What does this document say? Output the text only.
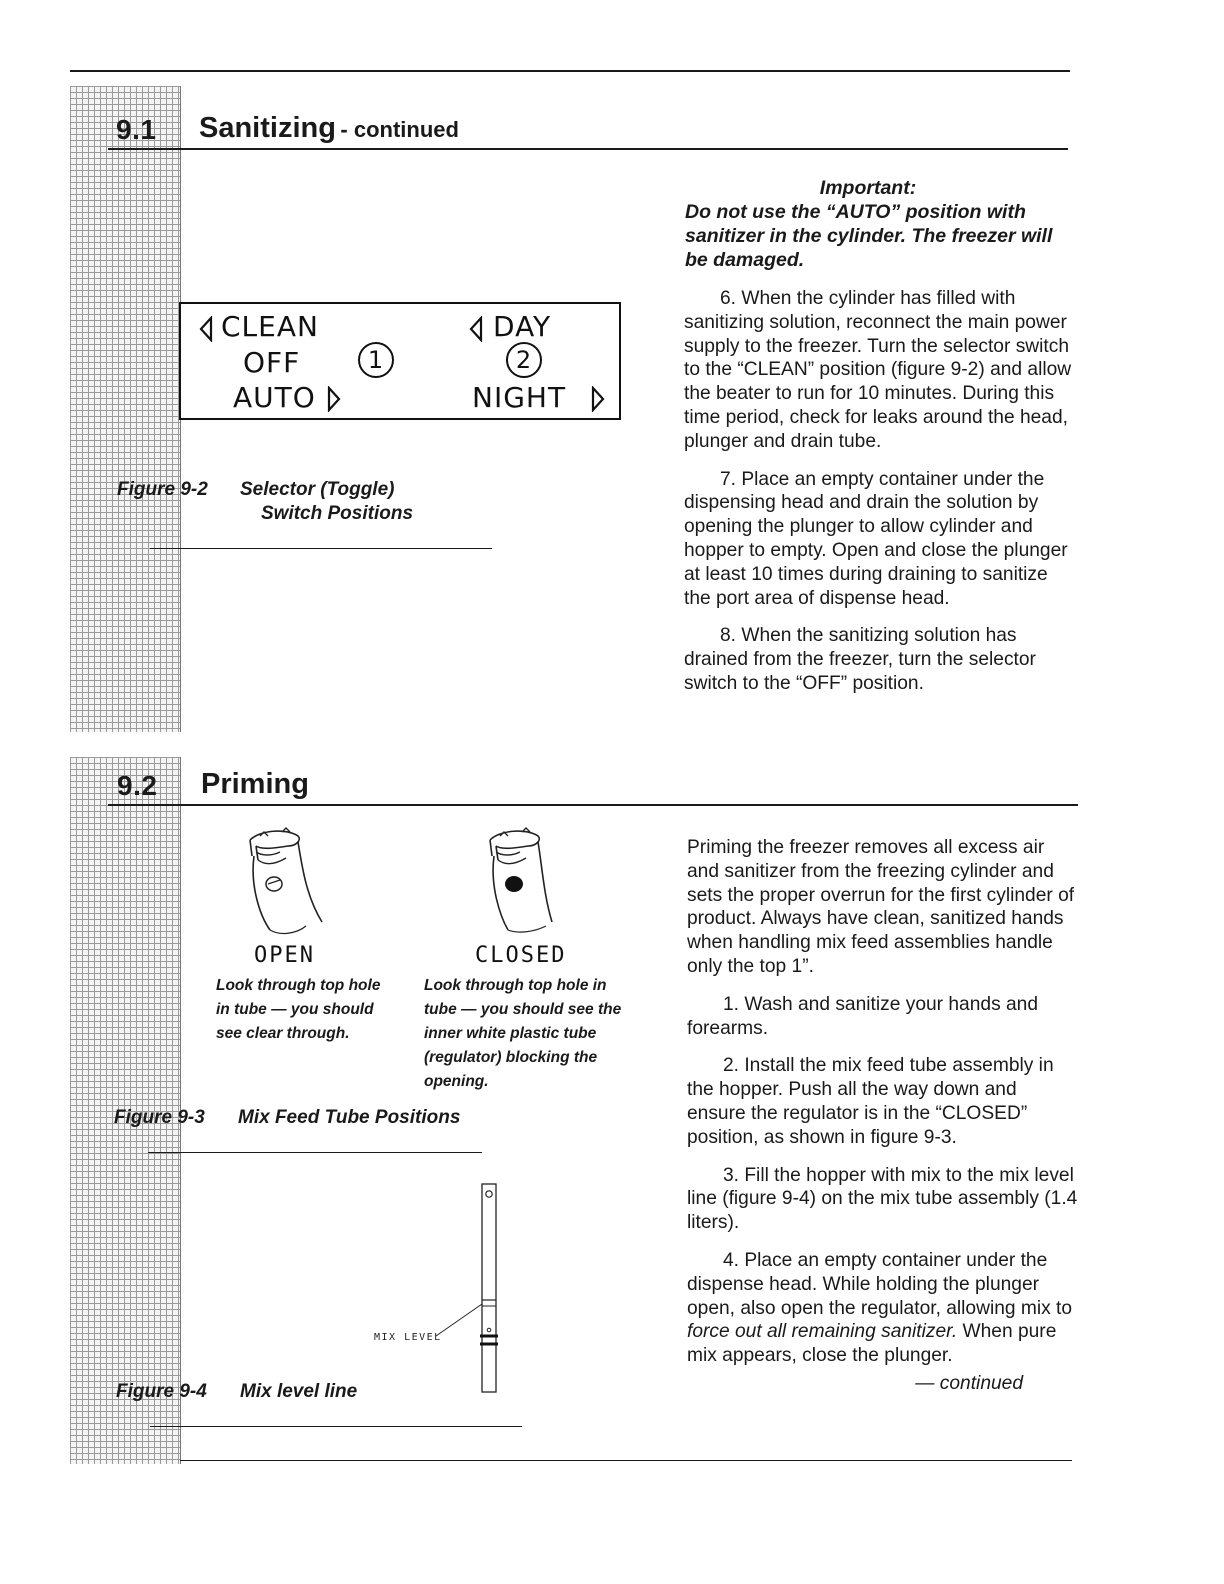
9.1 Sanitizing - continued
Important:
Do not use the “AUTO” position with sanitizer in the cylinder. The freezer will be damaged.

6. When the cylinder has filled with sanitizing solution, reconnect the main power supply to the freezer. Turn the selector switch to the “CLEAN” position (figure 9-2) and allow the beater to run for 10 minutes. During this time period, check for leaks around the head, plunger and drain tube.

7. Place an empty container under the dispensing head and drain the solution by opening the plunger to allow cylinder and hopper to empty. Open and close the plunger at least 10 times during draining to sanitize the port area of dispense head.

8. When the sanitizing solution has drained from the freezer, turn the selector switch to the “OFF” position.

CLEAN
OFF
AUTO
1
DAY
2
NIGHT
Figure 9-2 Selector (Toggle)
Switch Positions
9.2 Priming

Priming the freezer removes all excess air and sanitizer from the freezing cylinder and sets the proper overrun for the first cylinder of product. Always have clean, sanitized hands when handling mix feed assemblies handle only the top 1”.

1. Wash and sanitize your hands and forearms.

2. Install the mix feed tube assembly in the hopper. Push all the way down and ensure the regulator is in the “CLOSED” position, as shown in figure 9-3.

3. Fill the hopper with mix to the mix level line (figure 9-4) on the mix tube assembly (1.4 liters).

4. Place an empty container under the dispense head. While holding the plunger open, also open the regulator, allowing mix to force out all remaining sanitizer. When pure mix appears, close the plunger.

— continued
OPEN	CLOSED
Look through top hole in tube — you should see clear through.
Look through top hole in tube — you should see the inner white plastic tube (regulator) blocking the opening.
Figure 9-3 Mix Feed Tube Positions
MIX LEVEL
Figure 9-4 Mix level line
